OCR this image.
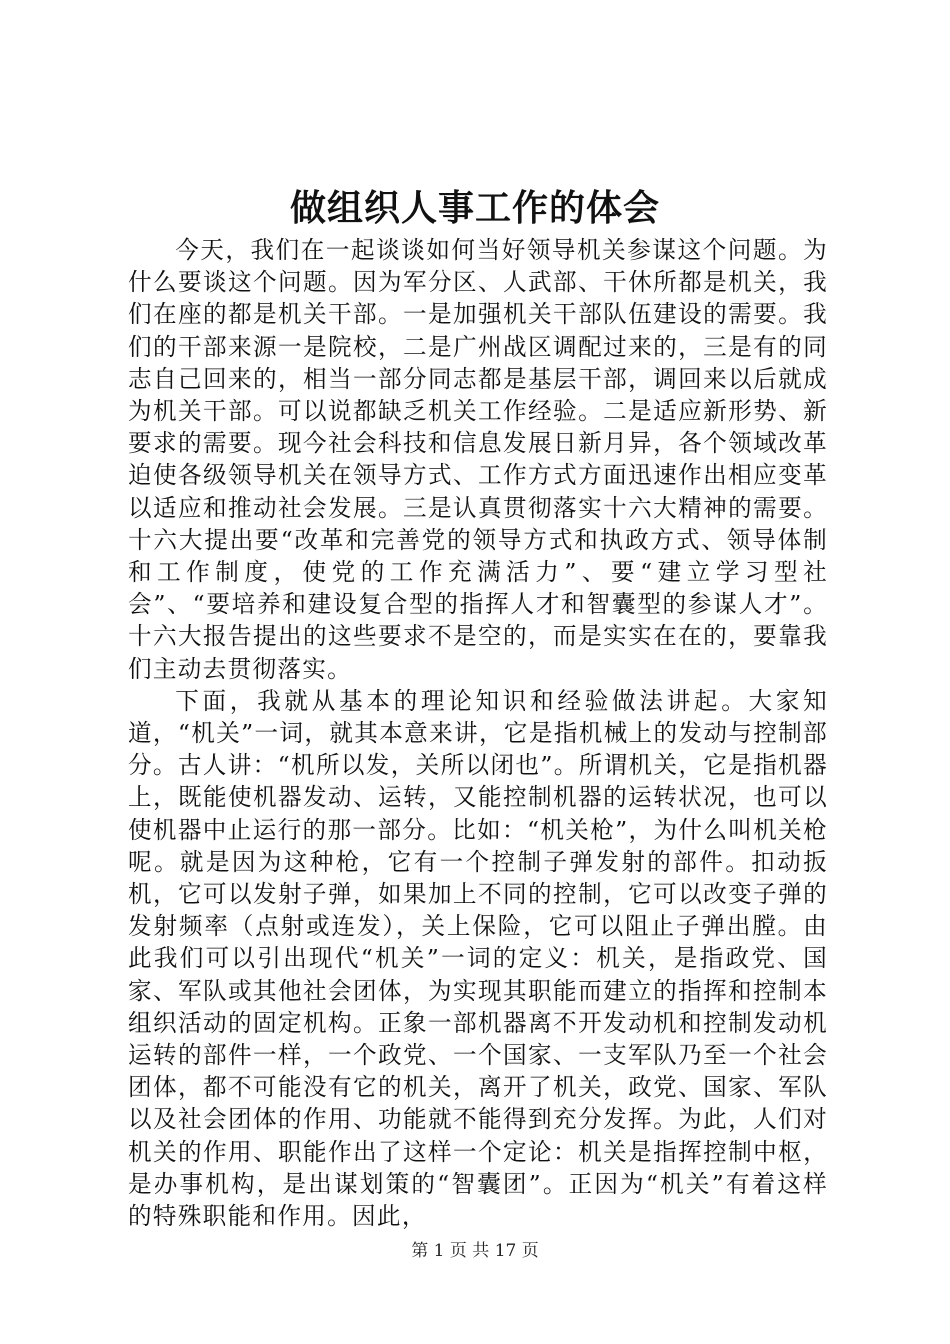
做组织人事工作的体会

今天，我们在一起谈谈如何当好领导机关参谋这个问题。为什么要谈这个问题。因为军分区、人武部、干休所都是机关，我们在座的都是机关干部。一是加强机关干部队伍建设的需要。我们的干部来源一是院校，二是广州战区调配过来的，三是有的同志自己回来的，相当一部分同志都是基层干部，调回来以后就成为机关干部。可以说都缺乏机关工作经验。二是适应新形势、新要求的需要。现今社会科技和信息发展日新月异，各个领域改革迫使各级领导机关在领导方式、工作方式方面迅速作出相应变革以适应和推动社会发展。三是认真贯彻落实十六大精神的需要。十六大提出要“改革和完善党的领导方式和执政方式、领导体制和工作制度，使党的工作充满活力”、要“建立学习型社会”、“要培养和建设复合型的指挥人才和智囊型的参谋人才”。十六大报告提出的这些要求不是空的，而是实实在在的，要靠我们主动去贯彻落实。

下面，我就从基本的理论知识和经验做法讲起。大家知道，“机关”一词，就其本意来讲，它是指机械上的发动与控制部分。古人讲：“机所以发，关所以闭也”。所谓机关，它是指机器上，既能使机器发动、运转，又能控制机器的运转状况，也可以使机器中止运行的那一部分。比如：“机关枪”，为什么叫机关枪呢。就是因为这种枪，它有一个控制子弹发射的部件。扣动扳机，它可以发射子弹，如果加上不同的控制，它可以改变子弹的发射频率（点射或连发），关上保险，它可以阻止子弹出膛。由此我们可以引出现代“机关”一词的定义：机关，是指政党、国家、军队或其他社会团体，为实现其职能而建立的指挥和控制本组织活动的固定机构。正象一部机器离不开发动机和控制发动机运转的部件一样，一个政党、一个国家、一支军队乃至一个社会团体，都不可能没有它的机关，离开了机关，政党、国家、军队以及社会团体的作用、功能就不能得到充分发挥。为此，人们对机关的作用、职能作出了这样一个定论：机关是指挥控制中枢，是办事机构，是出谋划策的“智囊团”。正因为“机关”有着这样的特殊职能和作用。因此，

第 1 页 共 17 页
